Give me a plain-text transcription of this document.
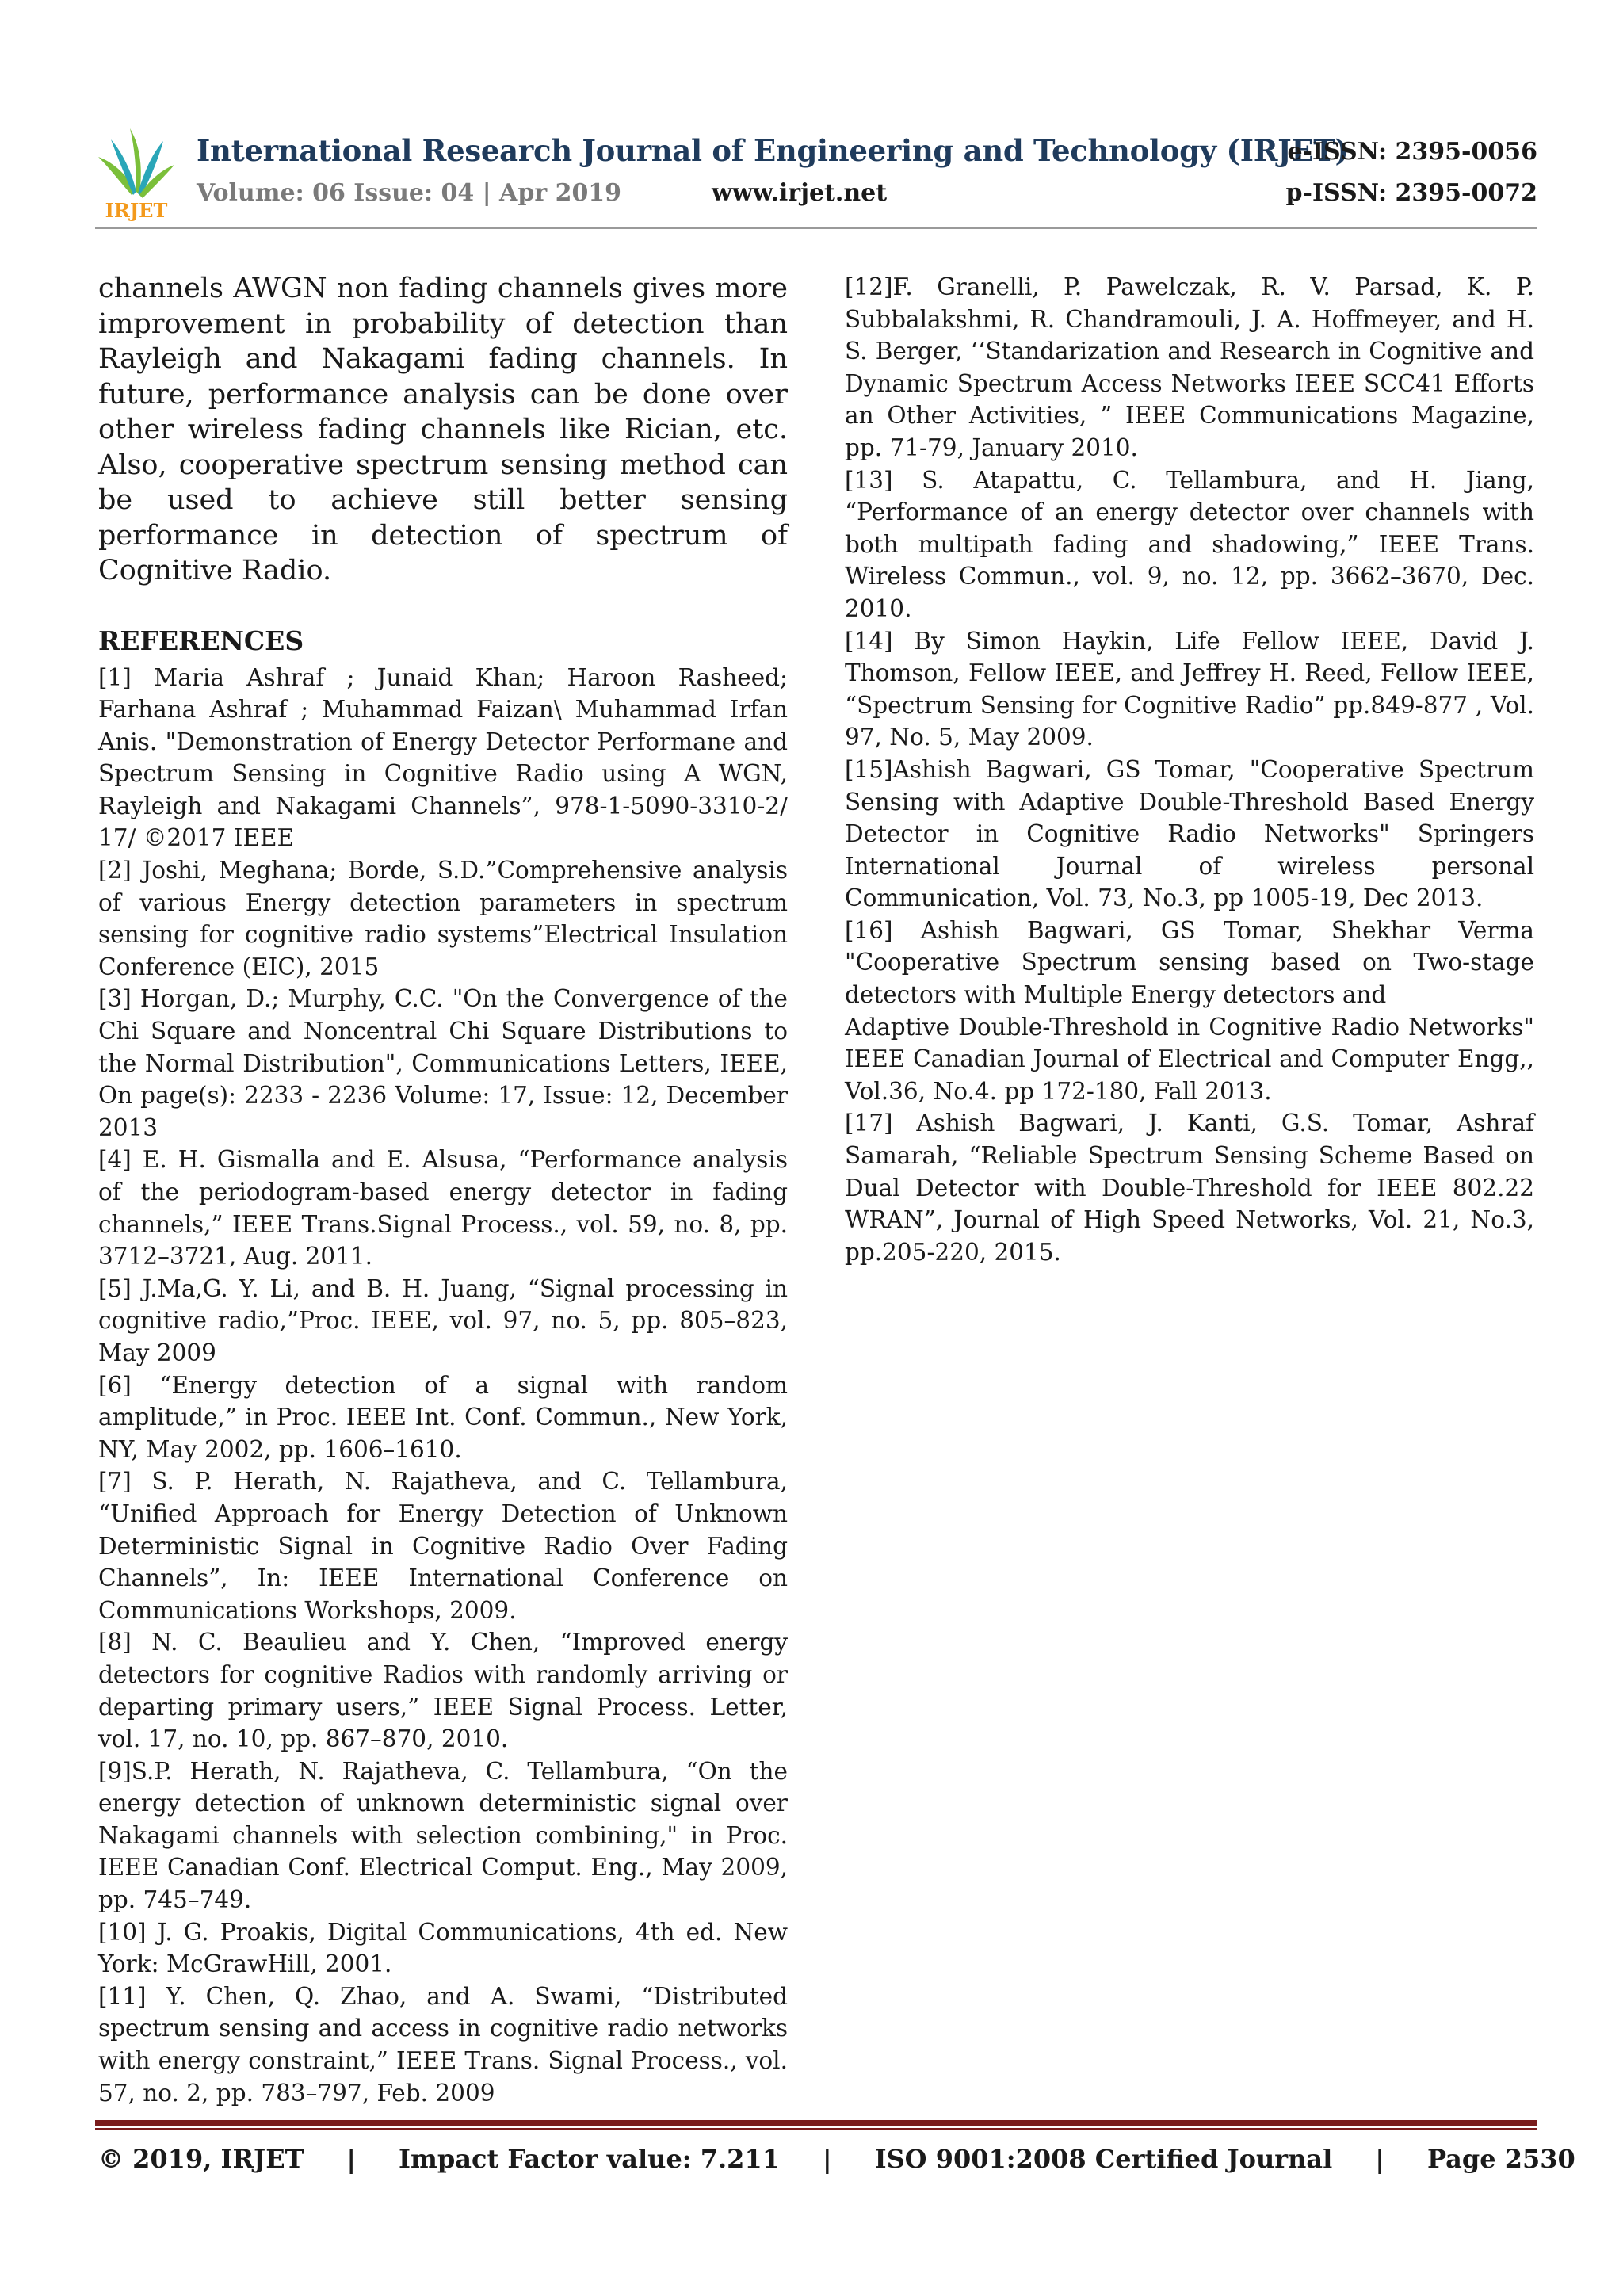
IRJET
International Research Journal of Engineering and Technology (IRJET)
Volume: 06 Issue: 04 | Apr 2019	www.irjet.net
e-ISSN: 2395-0056
p-ISSN: 2395-0072

channels AWGN non fading channels gives more improvement in probability of detection than Rayleigh and Nakagami fading channels. In future, performance analysis can be done over other wireless fading channels like Rician, etc. Also, cooperative spectrum sensing method can be used to achieve still better sensing performance in detection of spectrum of Cognitive Radio.

REFERENCES

[1] Maria Ashraf ; Junaid Khan; Haroon Rasheed; Farhana Ashraf ; Muhammad Faizan\ Muhammad Irfan Anis. "Demonstration of Energy Detector Performane and Spectrum Sensing in Cognitive Radio using A WGN, Rayleigh and Nakagami Channels”, 978-1-5090-3310-2/ 17/ ©2017 IEEE

[2] Joshi, Meghana; Borde, S.D.”Comprehensive analysis of various Energy detection parameters in spectrum sensing for cognitive radio systems”Electrical Insulation Conference (EIC), 2015

[3] Horgan, D.; Murphy, C.C. "On the Convergence of the Chi Square and Noncentral Chi Square Distributions to the Normal Distribution", Communications Letters, IEEE, On page(s): 2233 - 2236 Volume: 17, Issue: 12, December 2013

[4] E. H. Gismalla and E. Alsusa, “Performance analysis of the periodogram-based energy detector in fading channels,” IEEE Trans.Signal Process., vol. 59, no. 8, pp. 3712–3721, Aug. 2011.

[5] J.Ma,G. Y. Li, and B. H. Juang, “Signal processing in cognitive radio,”Proc. IEEE, vol. 97, no. 5, pp. 805–823, May 2009

[6] “Energy detection of a signal with random amplitude,” in Proc. IEEE Int. Conf. Commun., New York, NY, May 2002, pp. 1606–1610.

[7] S. P. Herath, N. Rajatheva, and C. Tellambura, “Unified Approach for Energy Detection of Unknown Deterministic Signal in Cognitive Radio Over Fading Channels”, In: IEEE International Conference on Communications Workshops, 2009.

[8] N. C. Beaulieu and Y. Chen, “Improved energy detectors for cognitive Radios with randomly arriving or departing primary users,” IEEE Signal Process. Letter, vol. 17, no. 10, pp. 867–870, 2010.

[9]S.P. Herath, N. Rajatheva, C. Tellambura, “On the energy detection of unknown deterministic signal over Nakagami channels with selection combining," in Proc. IEEE Canadian Conf. Electrical Comput. Eng., May 2009, pp. 745–749.

[10] J. G. Proakis, Digital Communications, 4th ed. New York: McGrawHill, 2001.

[11] Y. Chen, Q. Zhao, and A. Swami, “Distributed spectrum sensing and access in cognitive radio networks with energy constraint,” IEEE Trans. Signal Process., vol. 57, no. 2, pp. 783–797, Feb. 2009

[12]F. Granelli, P. Pawelczak, R. V. Parsad, K. P. Subbalakshmi, R. Chandramouli, J. A. Hoffmeyer, and H. S. Berger, ‘‘Standarization and Research in Cognitive and Dynamic Spectrum Access Networks IEEE SCC41 Efforts an Other Activities, ” IEEE Communications Magazine, pp. 71-79, January 2010.

[13] S. Atapattu, C. Tellambura, and H. Jiang, “Performance of an energy detector over channels with both multipath fading and shadowing,” IEEE Trans. Wireless Commun., vol. 9, no. 12, pp. 3662–3670, Dec. 2010.

[14] By Simon Haykin, Life Fellow IEEE, David J. Thomson, Fellow IEEE, and Jeffrey H. Reed, Fellow IEEE, “Spectrum Sensing for Cognitive Radio” pp.849-877 , Vol. 97, No. 5, May 2009.

[15]Ashish Bagwari, GS Tomar, "Cooperative Spectrum Sensing with Adaptive Double-Threshold Based Energy Detector in Cognitive Radio Networks" Springers International Journal of wireless personal Communication, Vol. 73, No.3, pp 1005-19, Dec 2013.

[16] Ashish Bagwari, GS Tomar, Shekhar Verma "Cooperative Spectrum sensing based on Two-stage detectors with Multiple Energy detectors and

Adaptive Double-Threshold in Cognitive Radio Networks" IEEE Canadian Journal of Electrical and Computer Engg,, Vol.36, No.4. pp 172-180, Fall 2013.

[17] Ashish Bagwari, J. Kanti, G.S. Tomar, Ashraf Samarah, “Reliable Spectrum Sensing Scheme Based on Dual Detector with Double-Threshold for IEEE 802.22 WRAN”, Journal of High Speed Networks, Vol. 21, No.3, pp.205-220, 2015.

© 2019, IRJET | Impact Factor value: 7.211 | ISO 9001:2008 Certified Journal | Page 2530
